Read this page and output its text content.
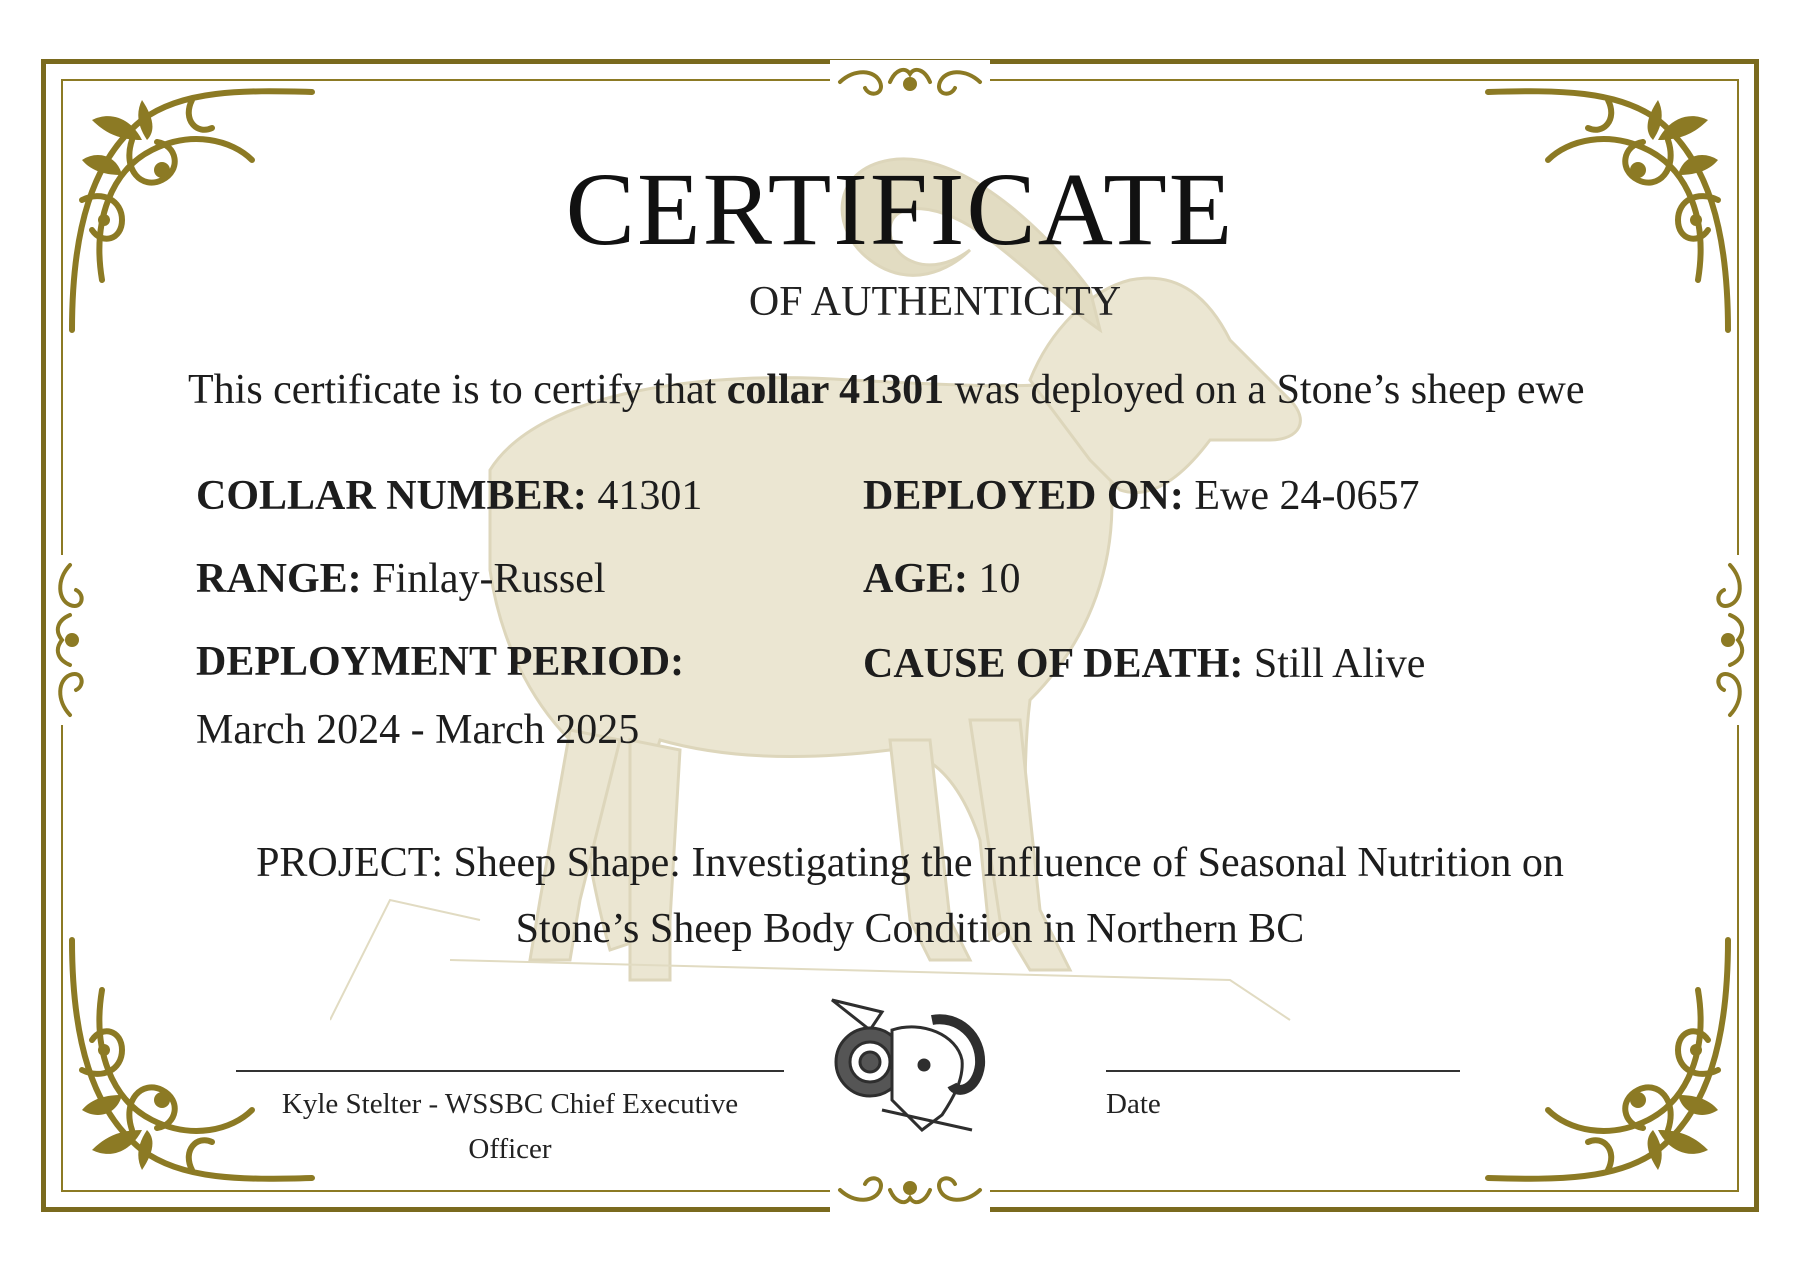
CERTIFICATE
OF AUTHENTICITY
This certificate is to certify that collar 41301 was deployed on a Stone’s sheep ewe
COLLAR NUMBER: 41301	DEPLOYED ON: Ewe 24-0657
RANGE: Finlay-Russel	AGE: 10
DEPLOYMENT PERIOD:
March 2024 - March 2025
CAUSE OF DEATH: Still Alive
PROJECT: Sheep Shape: Investigating the Influence of Seasonal Nutrition on
Stone’s Sheep Body Condition in Northern BC
Kyle Stelter - WSSBC Chief Executive
Officer
Date
